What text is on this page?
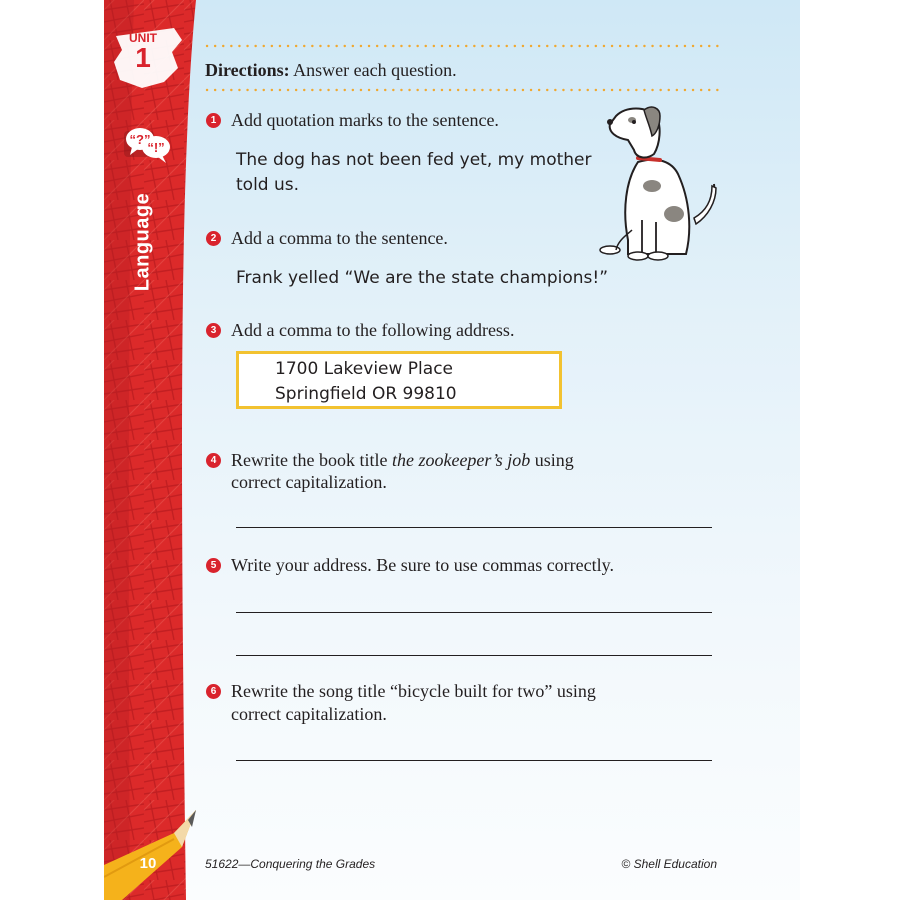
UNIT
1
“?”
“!”
Language
10
Directions: Answer each question.
1 Add quotation marks to the sentence.
The dog has not been fed yet, my mother
told us.
2 Add a comma to the sentence.
Frank yelled “We are the state champions!”
3 Add a comma to the following address.
1700 Lakeview Place
Springfield OR 99810
4 Rewrite the book title the zookeeper’s job using
correct capitalization.
5 Write your address. Be sure to use commas correctly.
6 Rewrite the song title “bicycle built for two” using
correct capitalization.
51622—Conquering the Grades	© Shell Education
